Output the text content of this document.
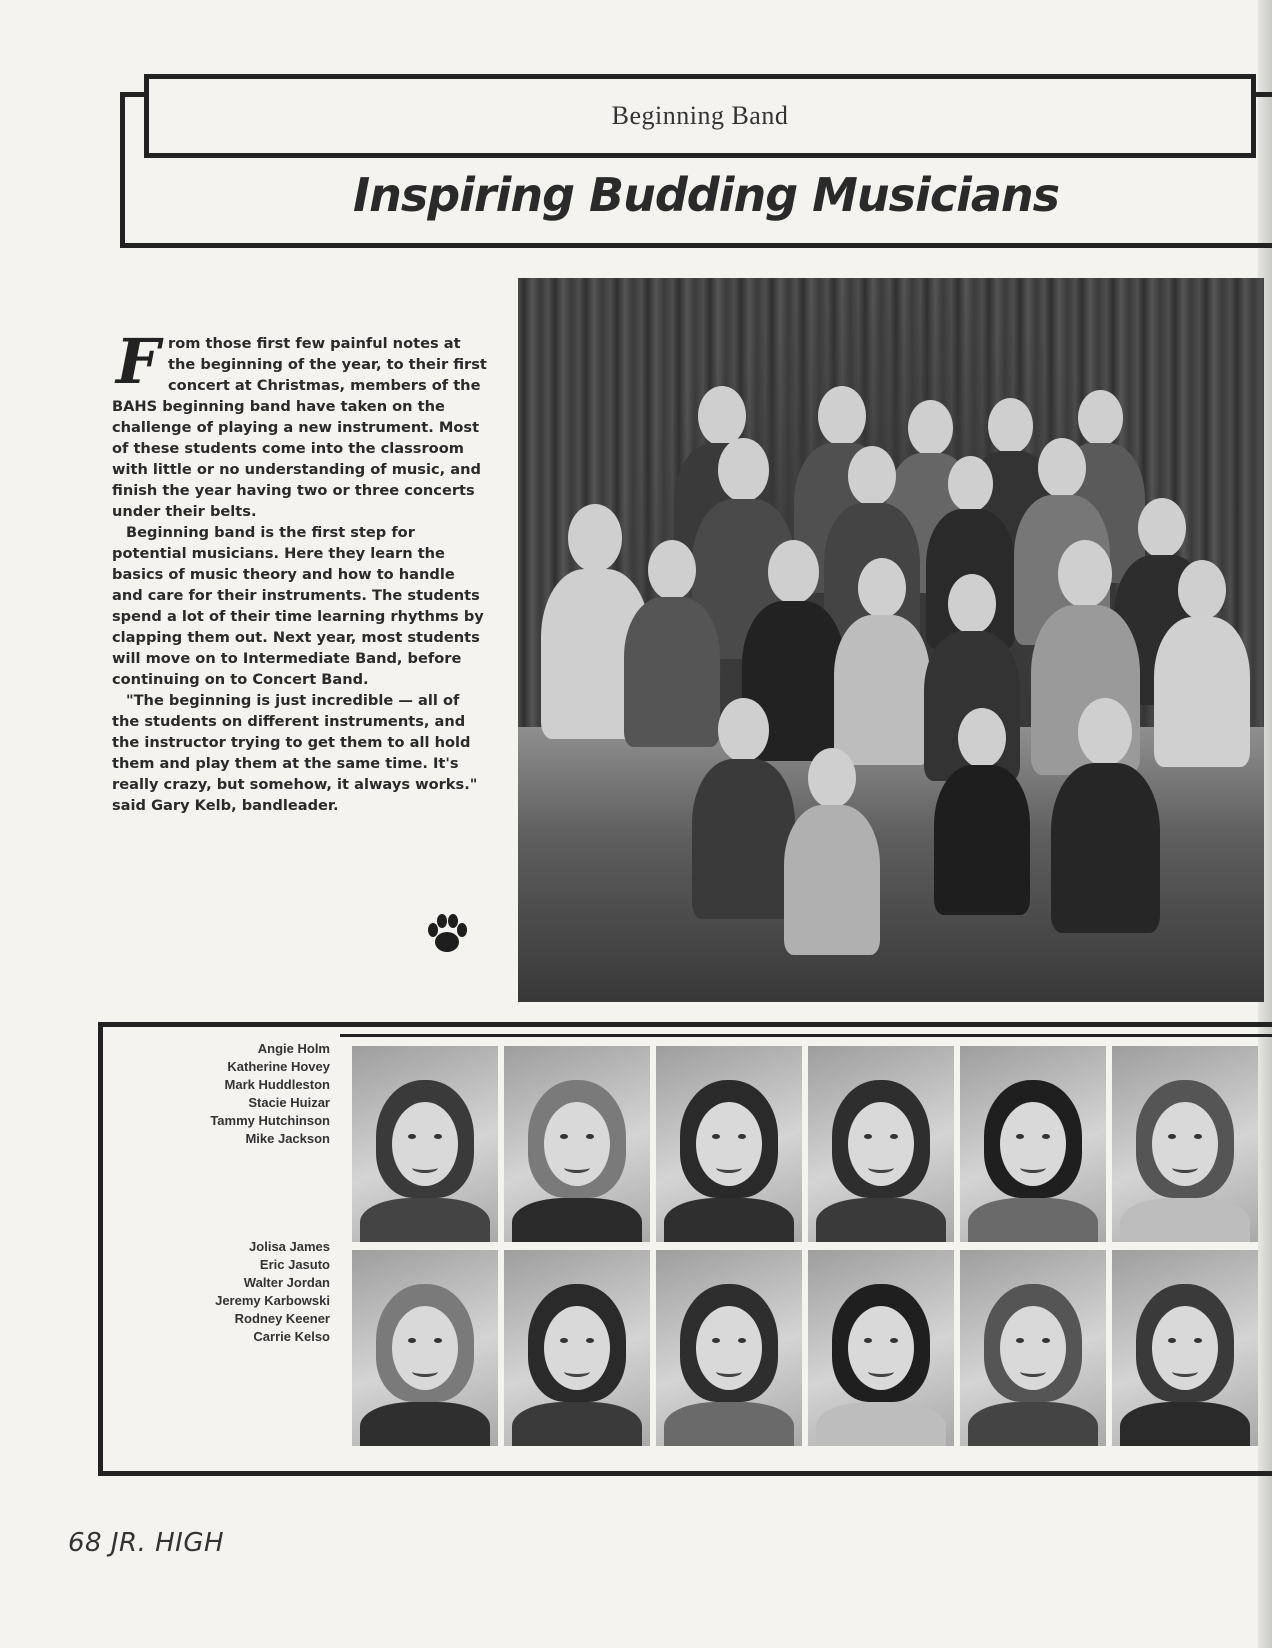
Beginning Band
Inspiring Budding Musicians

From those first few painful notes at the beginning of the year, to their first concert at Christmas, members of the BAHS beginning band have taken on the challenge of playing a new instrument. Most of these students come into the classroom with little or no understanding of music, and finish the year having two or three concerts under their belts.

Beginning band is the first step for potential musicians. Here they learn the basics of music theory and how to handle and care for their instruments. The students spend a lot of their time learning rhythms by clapping them out. Next year, most students will move on to Intermediate Band, before continuing on to Concert Band.

"The beginning is just incredible — all of the students on different instruments, and the instructor trying to get them to all hold them and play them at the same time. It's really crazy, but somehow, it always works." said Gary Kelb, bandleader.

Angie Holm
Katherine Hovey
Mark Huddleston
Stacie Huizar
Tammy Hutchinson
Mike Jackson
Jolisa James
Eric Jasuto
Walter Jordan
Jeremy Karbowski
Rodney Keener
Carrie Kelso
68 JR. HIGH
